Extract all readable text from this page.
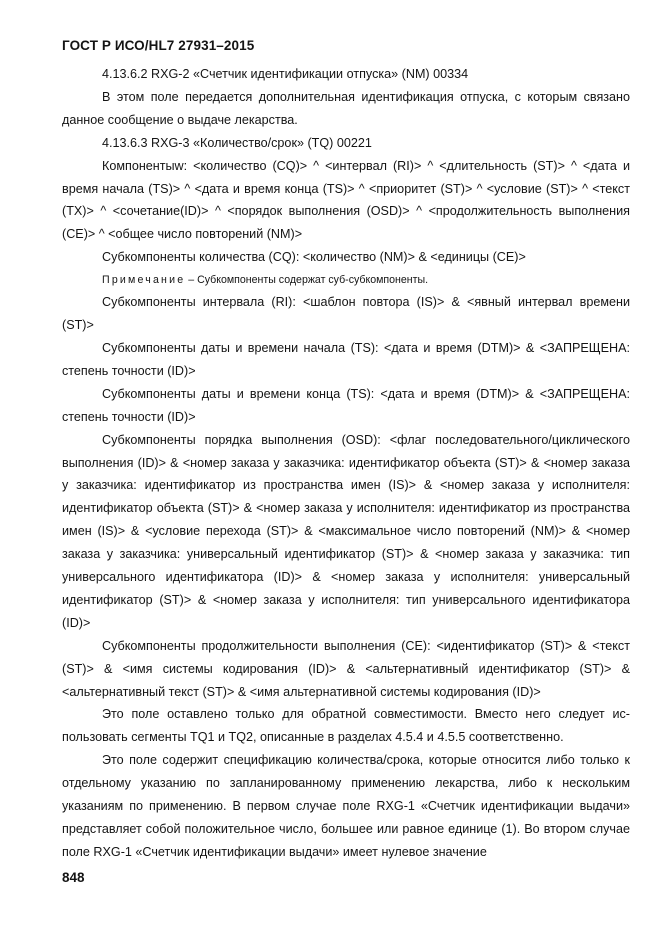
ГОСТ Р ИСО/HL7 27931–2015

4.13.6.2 RXG-2 «Счетчик идентификации отпуска» (NM) 00334

В этом поле передается дополнительная идентификация отпуска, с которым связано данное сообщение о выдаче лекарства.

4.13.6.3 RXG-3 «Количество/срок» (TQ) 00221

Компонентыw: <количество (CQ)> ^ <интервал (RI)> ^ <длительность (ST)> ^ <дата и время начала (TS)> ^ <дата и время конца (TS)> ^ <приоритет (ST)> ^ <условие (ST)> ^ <текст (TX)> ^ <сочетание(ID)> ^ <порядок выполнения (OSD)> ^ <продолжительность выполнения (CE)> ^ <общее число повторений (NM)>

Субкомпоненты количества (CQ): <количество (NM)> & <единицы (CE)>

Примечание – Субкомпоненты содержат суб-субкомпоненты.

Субкомпоненты интервала (RI): <шаблон повтора (IS)> & <явный интервал времени (ST)>

Субкомпоненты даты и времени начала (TS): <дата и время (DTM)> & <ЗАПРЕЩЕНА: степень точности (ID)>

Субкомпоненты даты и времени конца (TS): <дата и время (DTM)> & <ЗАПРЕЩЕНА: степень точности (ID)>

Субкомпоненты порядка выполнения (OSD): <флаг последовательного/циклического выполнения (ID)> & <номер заказа у заказчика: идентификатор объекта (ST)> & <номер заказа у заказчика: идентификатор из пространства имен (IS)> & <номер заказа у исполнителя: идентификатор объекта (ST)> & <номер заказа у исполнителя: идентификатор из пространства имен (IS)> & <условие перехода (ST)> & <максимальное число повторений (NM)> & <номер заказа у заказчика: универсальный идентификатор (ST)> & <номер заказа у заказчика: тип универсального идентификатора (ID)> & <номер заказа у исполнителя: универсальный идентификатор (ST)> & <номер заказа у исполнителя: тип универсального идентификатора (ID)>

Субкомпоненты продолжительности выполнения (CE): <идентификатор (ST)> & <текст (ST)> & <имя системы кодирования (ID)> & <альтернативный идентификатор (ST)> & <альтернативный текст (ST)> & <имя альтернативной системы кодирования (ID)>

Это поле оставлено только для обратной совместимости. Вместо него следует использовать сегменты TQ1 и TQ2, описанные в разделах 4.5.4 и 4.5.5 соответственно.

Это поле содержит спецификацию количества/срока, которые относится либо только к отдельному указанию по запланированному применению лекарства, либо к нескольким указаниям по применению. В первом случае поле RXG-1 «Счетчик идентификации выдачи» представляет собой положительное число, большее или равное единице (1). Во втором случае поле RXG-1 «Счетчик идентификации выдачи» имеет нулевое значение

848
